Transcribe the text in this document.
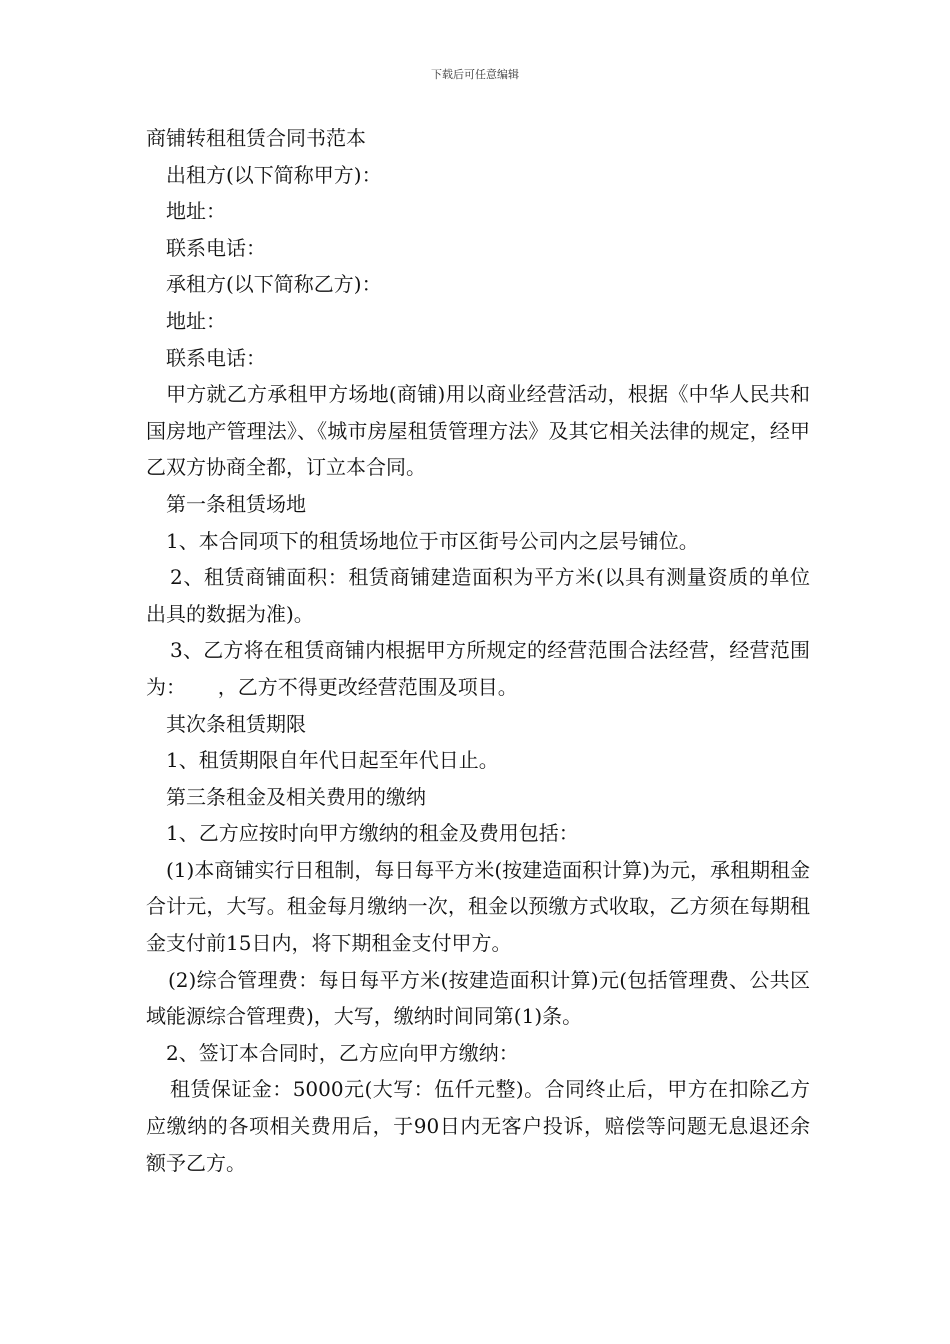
下载后可任意编辑

商铺转租租赁合同书范本

出租方(以下简称甲方)：

地址：

联系电话：

承租方(以下简称乙方)：

地址：

联系电话：

甲方就乙方承租甲方场地(商铺)用以商业经营活动，根据《中华人民共和国房地产管理法》、《城市房屋租赁管理方法》及其它相关法律的规定，经甲乙双方协商全都，订立本合同。

第一条租赁场地

1、本合同项下的租赁场地位于市区街号公司内之层号铺位。

2、租赁商铺面积：租赁商铺建造面积为平方米(以具有测量资质的单位出具的数据为准)。

3、乙方将在租赁商铺内根据甲方所规定的经营范围合法经营，经营范围为：     ，乙方不得更改经营范围及项目。

其次条租赁期限

1、租赁期限自年代日起至年代日止。

第三条租金及相关费用的缴纳

1、乙方应按时向甲方缴纳的租金及费用包括：

(1)本商铺实行日租制，每日每平方米(按建造面积计算)为元，承租期租金合计元，大写。租金每月缴纳一次，租金以预缴方式收取，乙方须在每期租金支付前15日内，将下期租金支付甲方。

(2)综合管理费：每日每平方米(按建造面积计算)元(包括管理费、公共区域能源综合管理费)，大写，缴纳时间同第(1)条。

2、签订本合同时，乙方应向甲方缴纳：

租赁保证金：5000元(大写：伍仟元整)。合同终止后，甲方在扣除乙方应缴纳的各项相关费用后，于90日内无客户投诉，赔偿等问题无息退还余额予乙方。
